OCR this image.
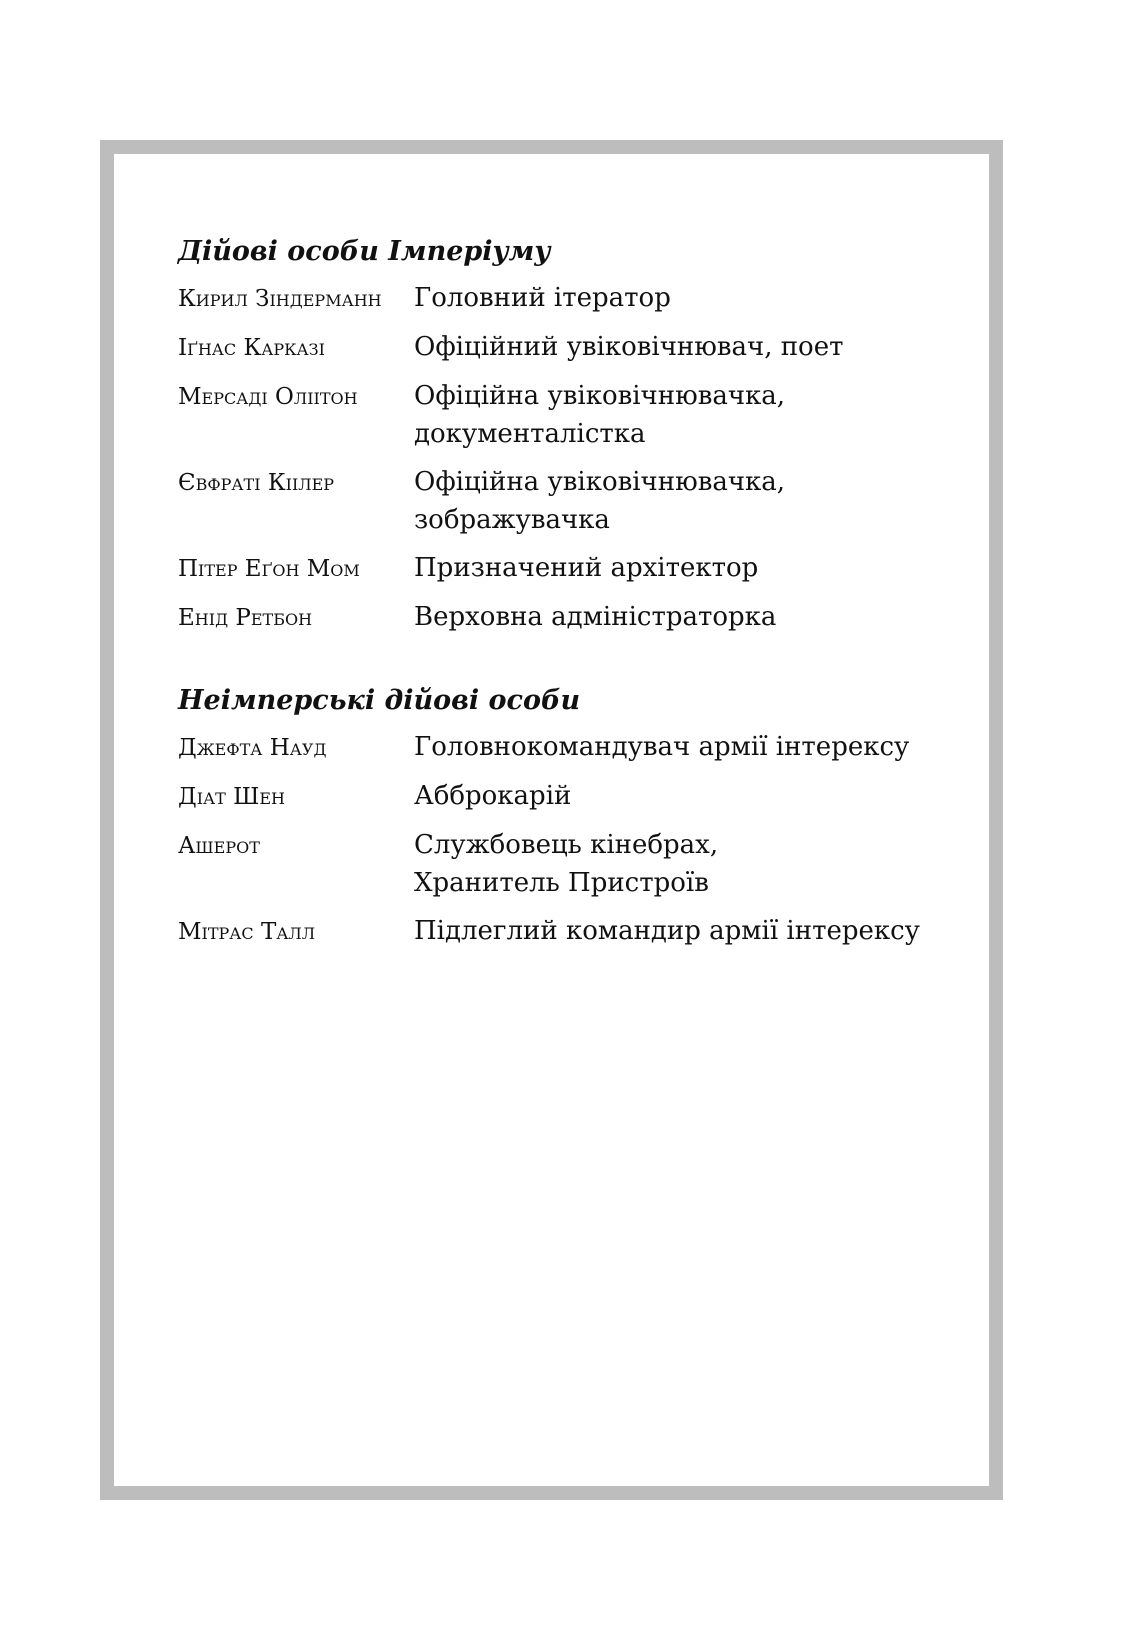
Дійові особи Імперіуму
Кирил Зіндерманн	Головний ітератор
Іґнас Карказі	Офіційний увіковічнювач, поет
Мерсаді Оліітон	Офіційна увіковічнювачка,
документалістка
Євфраті Кіілер	Офіційна увіковічнювачка,
зображувачка
Пітер Еґон Мом	Призначений архітектор
Енід Ретбон	Верховна адміністраторка
Неімперські дійові особи
Джефта Науд	Головнокомандувач армії інтерексу
Діат Шен	Абброкарій
Ашерот	Службовець кінебрах,
Хранитель Пристроїв
Мітрас Талл	Підлеглий командир армії інтерексу
